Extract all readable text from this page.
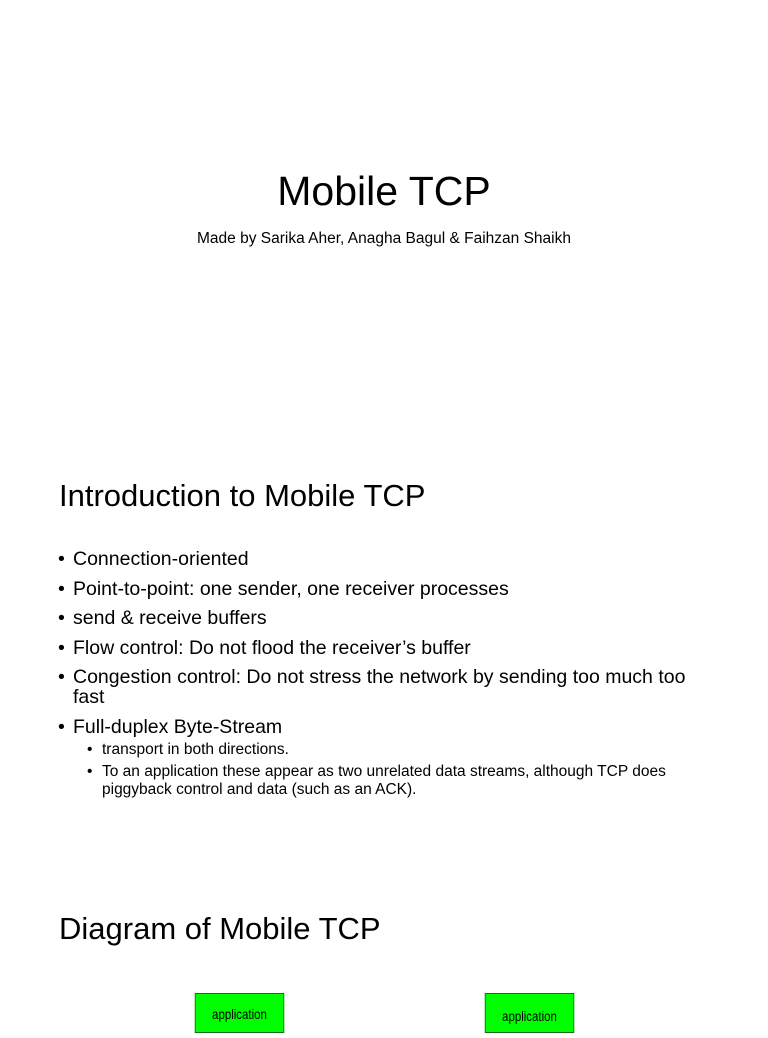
Mobile TCP

Made by Sarika Aher, Anagha Bagul & Faihzan Shaikh

Introduction to Mobile TCP
• Connection-oriented
• Point-to-point: one sender, one receiver processes
• send & receive buffers
• Flow control: Do not flood the receiver’s buffer
• Congestion control: Do not stress the network by sending too much too fast
• Full-duplex Byte-Stream
• transport in both directions.
• To an application these appear as two unrelated data streams, although TCP does piggyback control and data (such as an ACK).
Diagram of Mobile TCP
application	application
